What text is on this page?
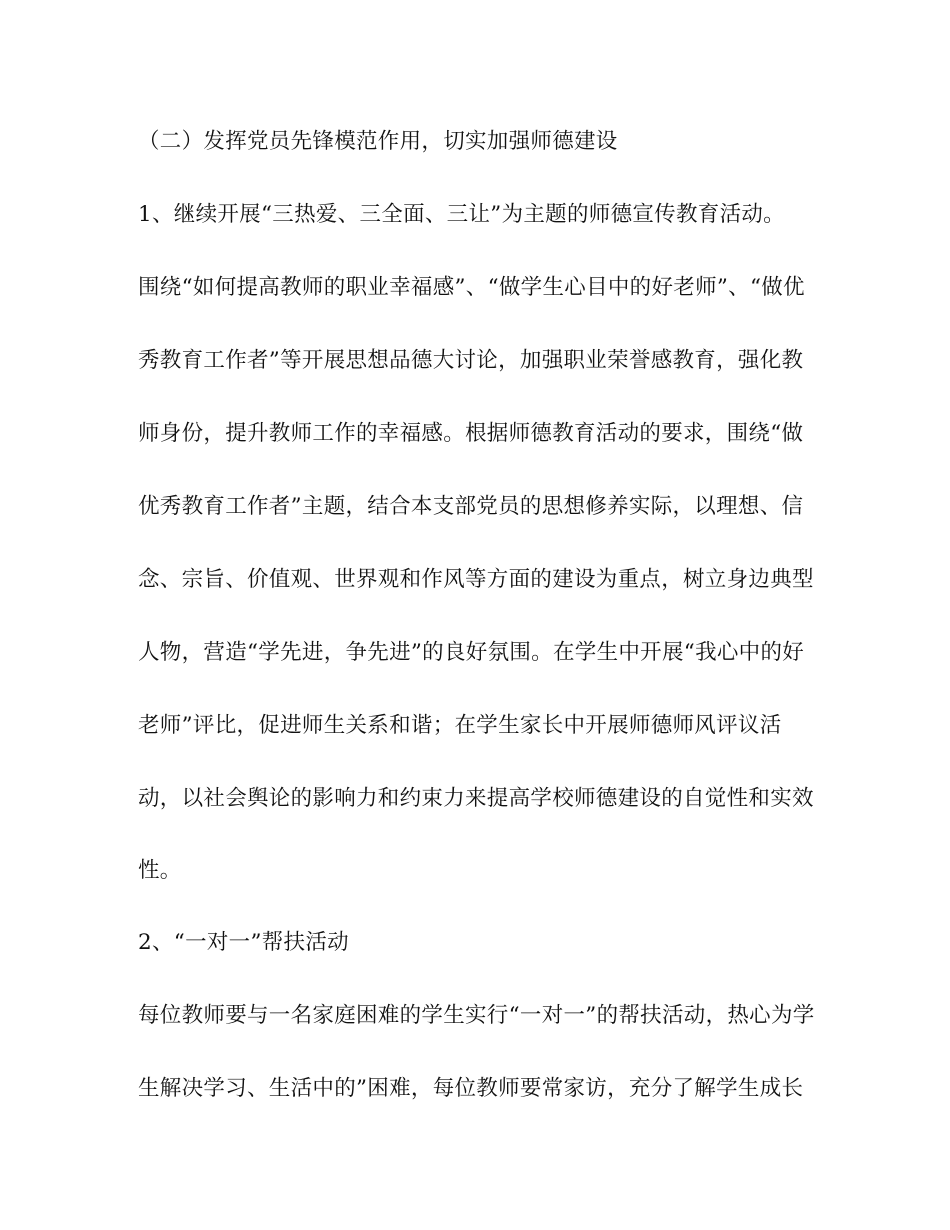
（二）发挥党员先锋模范作用，切实加强师德建设
1、继续开展“三热爱、三全面、三让”为主题的师德宣传教育活动。
围绕“如何提高教师的职业幸福感”、“做学生心目中的好老师”、“做优
秀教育工作者”等开展思想品德大讨论，加强职业荣誉感教育，强化教
师身份，提升教师工作的幸福感。根据师德教育活动的要求，围绕“做
优秀教育工作者”主题，结合本支部党员的思想修养实际，以理想、信
念、宗旨、价值观、世界观和作风等方面的建设为重点，树立身边典型
人物，营造“学先进，争先进”的良好氛围。在学生中开展“我心中的好
老师”评比，促进师生关系和谐；在学生家长中开展师德师风评议活
动，以社会舆论的影响力和约束力来提高学校师德建设的自觉性和实效
性。
2、“一对一”帮扶活动
每位教师要与一名家庭困难的学生实行“一对一”的帮扶活动，热心为学
生解决学习、生活中的”困难，每位教师要常家访，充分了解学生成长
